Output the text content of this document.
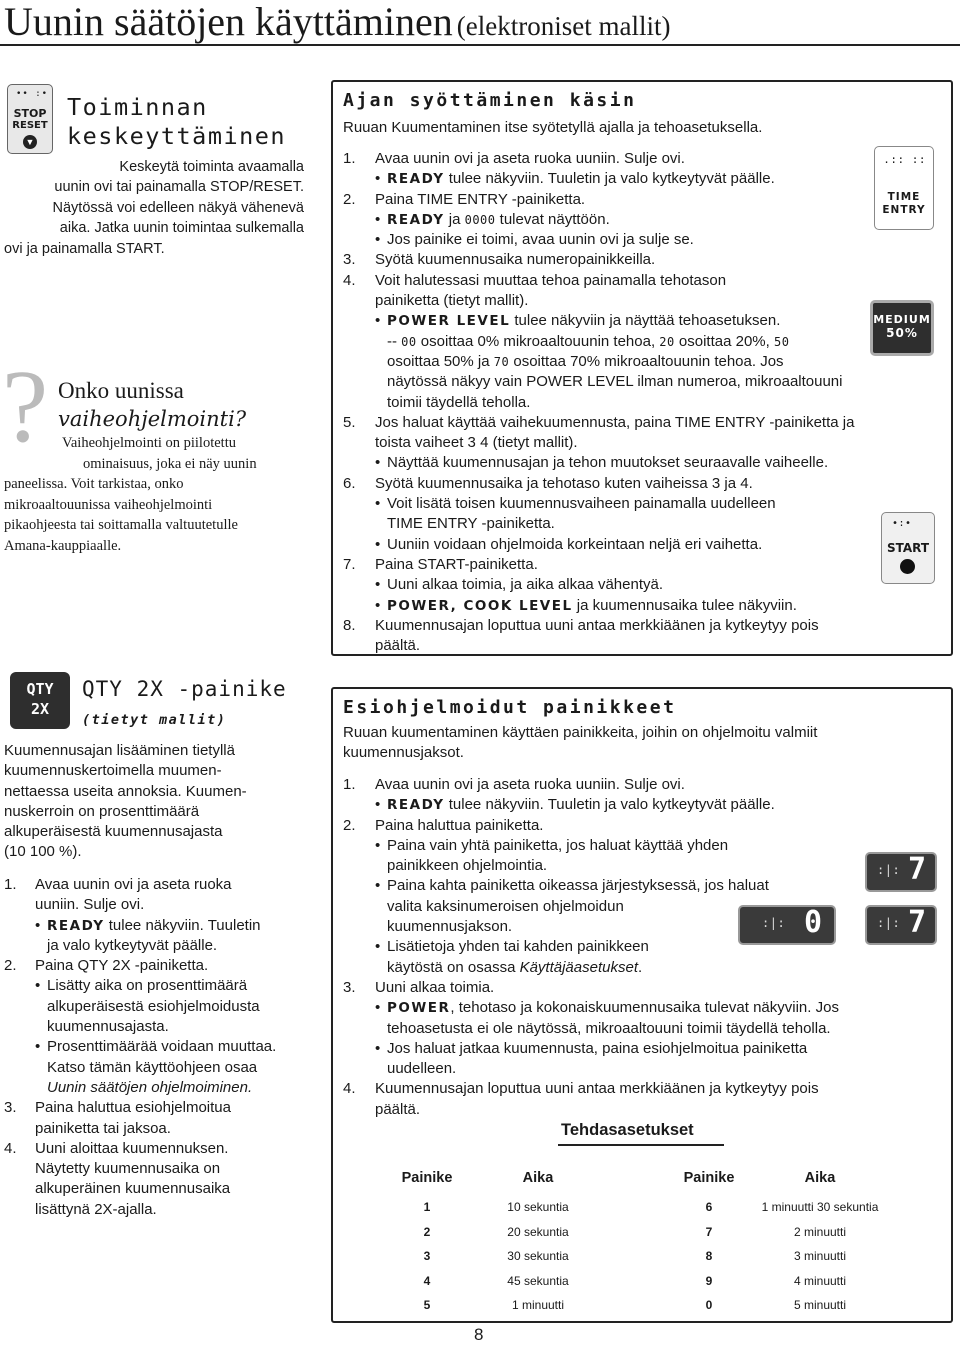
Uunin säätöjen käyttäminen (elektroniset mallit)
•• :•
STOP
RESET
▼
Toiminnan
keskeyttäminen
Keskeytä toiminta avaamalla
uunin ovi tai painamalla STOP/RESET.
Näytössä voi edelleen näkyä vähenevä
aika. Jatka uunin toimintaa sulkemalla
ovi ja painamalla START.
? Onko uunissa
vaiheohjelmointi?
Vaiheohjelmointi on piilotettu
ominaisuus, joka ei näy uunin
paneelissa. Voit tarkistaa, onko
mikroaaltouunissa vaiheohjelmointi
pikaohjeesta tai soittamalla valtuutetulle
Amana-kauppiaalle.
QTY
2X
QTY 2X -painike
(tietyt mallit)
Kuumennusajan lisääminen tietyllä
kuumennuskertoimella muumen-
nettaessa useita annoksia. Kuumen-
nuskerroin on prosenttimäärä
alkuperäisestä kuumennusajasta
(10 100 %).
1. Avaa uunin ovi ja aseta ruoka
uuniin. Sulje ovi.
• READY tulee näkyviin. Tuuletin
ja valo kytkeytyvät päälle.
2.	Paina QTY 2X -painiketta.
• Lisätty aika on prosenttimäärä
alkuperäisestä esiohjelmoidusta
kuumennusajasta.
• Prosenttimäärää voidaan muuttaa.
Katso tämän käyttöohjeen osaa
Uunin säätöjen ohjelmoiminen.
3. Paina haluttua esiohjelmoitua
painiketta tai jaksoa.
4. Uuni aloittaa kuumennuksen.
Näytetty kuumennusaika on
alkuperäinen kuumennusaika
lisättynä 2X-ajalla.
Ajan syöttäminen käsin
Ruuan Kuumentaminen itse syötetyllä ajalla ja tehoasetuksella.
.:: ::
TIME
ENTRY
MEDIUM
50%
•:•
START
1.	Avaa uunin ovi ja aseta ruoka uuniin. Sulje ovi.
• READY tulee näkyviin. Tuuletin ja valo kytkeytyvät päälle.
2.	Paina TIME ENTRY -painiketta.
• READY ja 0000 tulevat näyttöön.
• Jos painike ei toimi, avaa uunin ovi ja sulje se.
3.	Syötä kuumennusaika numeropainikkeilla.
4. Voit halutessasi muuttaa tehoa painamalla tehotason
painiketta (tietyt mallit).
• POWER LEVEL tulee näkyviin ja näyttää tehoasetuksen.
-- 00 osoittaa 0% mikroaaltouunin tehoa, 20 osoittaa 20%, 50
osoittaa 50% ja 70 osoittaa 70% mikroaaltouunin tehoa. Jos
näytössä näkyy vain POWER LEVEL ilman numeroa, mikroaaltouuni
toimii täydellä teholla.
5. Jos haluat käyttää vaihekuumennusta, paina TIME ENTRY -painiketta ja
toista vaiheet 3 4 (tietyt mallit).
• Näyttää kuumennusajan ja tehon muutokset seuraavalle vaiheelle.
6.	Syötä kuumennusaika ja tehotaso kuten vaiheissa 3 ja 4.
• Voit lisätä toisen kuumennusvaiheen painamalla uudelleen
TIME ENTRY -painiketta.
• Uuniin voidaan ohjelmoida korkeintaan neljä eri vaihetta.
7.	Paina START-painiketta.
• Uuni alkaa toimia, ja aika alkaa vähentyä.
• POWER, COOK LEVEL ja kuumennusaika tulee näkyviin.
8. Kuumennusajan loputtua uuni antaa merkkiäänen ja kytkeytyy pois
päältä.
Esiohjelmoidut painikkeet
Ruuan kuumentaminen käyttäen painikkeita, joihin on ohjelmoitu valmiit
kuumennusjaksot.
:|: 7
:|: 0	:|: 7
1.	Avaa uunin ovi ja aseta ruoka uuniin. Sulje ovi.
• READY tulee näkyviin. Tuuletin ja valo kytkeytyvät päälle.
2.	Paina haluttua painiketta.
• Paina vain yhtä painiketta, jos haluat käyttää yhden
painikkeen ohjelmointia.
• Paina kahta painiketta oikeassa järjestyksessä, jos haluat
valita kaksinumeroisen ohjelmoidun
kuumennusjakson.
• Lisätietoja yhden tai kahden painikkeen
käytöstä on osassa Käyttäjäasetukset.
3.	Uuni alkaa toimia.
• POWER, tehotaso ja kokonaiskuumennusaika tulevat näkyviin. Jos
tehoasetusta ei ole näytössä, mikroaaltouuni toimii täydellä teholla.
• Jos haluat jatkaa kuumennusta, paina esiohjelmoitua painiketta
uudelleen.
4. Kuumennusajan loputtua uuni antaa merkkiäänen ja kytkeytyy pois
päältä.
Tehdasasetukset
Painike	Aika
1	10 sekuntia
2	20 sekuntia
3	30 sekuntia
4	45 sekuntia
5	1 minuutti
Painike	Aika
6	1 minuutti 30 sekuntia
7	2 minuutti
8	3 minuutti
9	4 minuutti
0	5 minuutti
8
